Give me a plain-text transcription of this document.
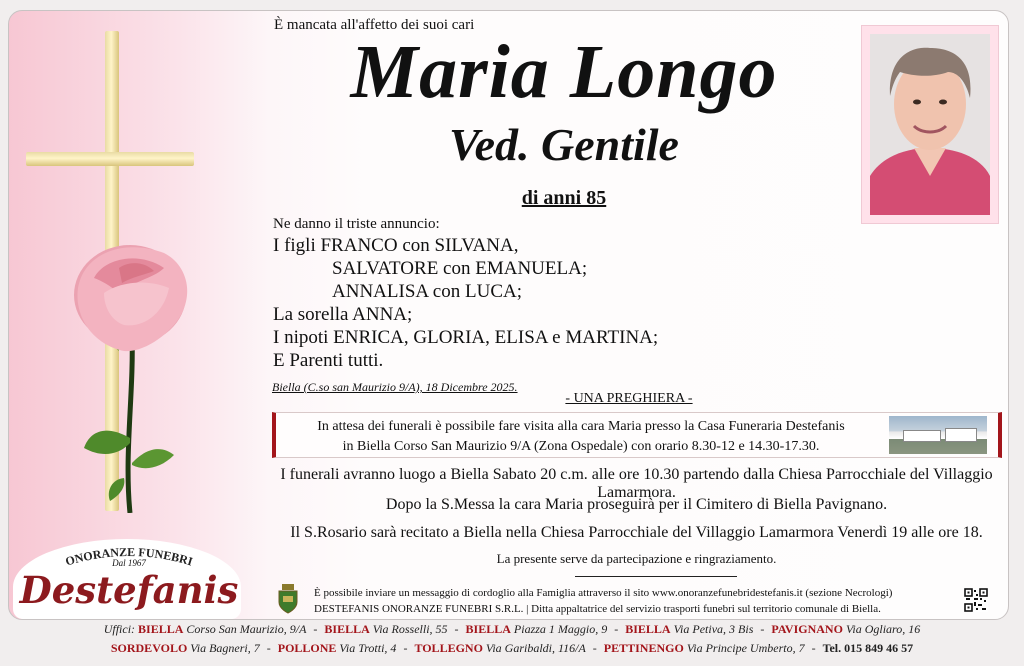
ONORANZE FUNEBRI
Dal 1967
Destefanis
È mancata all'affetto dei suoi cari
Maria Longo
Ved. Gentile
di anni 85
Ne danno il triste annuncio:
I figli FRANCO con SILVANA,
SALVATORE con EMANUELA;
ANNALISA con LUCA;
La sorella ANNA;
I nipoti ENRICA, GLORIA, ELISA e MARTINA;
E Parenti tutti.
Biella (C.so san Maurizio 9/A), 18 Dicembre 2025.
- UNA PREGHIERA -
In attesa dei funerali è possibile fare visita alla cara Maria presso la Casa Funeraria Destefanis
in Biella Corso San Maurizio 9/A (Zona Ospedale) con orario 8.30-12 e 14.30-17.30.
I funerali avranno luogo a Biella Sabato 20 c.m. alle ore 10.30 partendo dalla Chiesa Parrocchiale del Villaggio Lamarmora.
Dopo la S.Messa la cara Maria proseguirà per il Cimitero di Biella Pavignano.
Il S.Rosario sarà recitato a Biella nella Chiesa Parrocchiale del Villaggio Lamarmora Venerdì 19 alle ore 18.
La presente serve da partecipazione e ringraziamento.
È possibile inviare un messaggio di cordoglio alla Famiglia attraverso il sito www.onoranzefunebridestefanis.it (sezione Necrologi)
DESTEFANIS ONORANZE FUNEBRI S.R.L. | Ditta appaltatrice del servizio trasporti funebri sul territorio comunale di Biella.
Uffici: BIELLA Corso San Maurizio, 9/A - BIELLA Via Rosselli, 55 - BIELLA Piazza 1 Maggio, 9 - BIELLA Via Petiva, 3 Bis - PAVIGNANO Via Ogliaro, 16
SORDEVOLO Via Bagneri, 7 - POLLONE Via Trotti, 4 - TOLLEGNO Via Garibaldi, 116/A - PETTINENGO Via Principe Umberto, 7 - Tel. 015 849 46 57
